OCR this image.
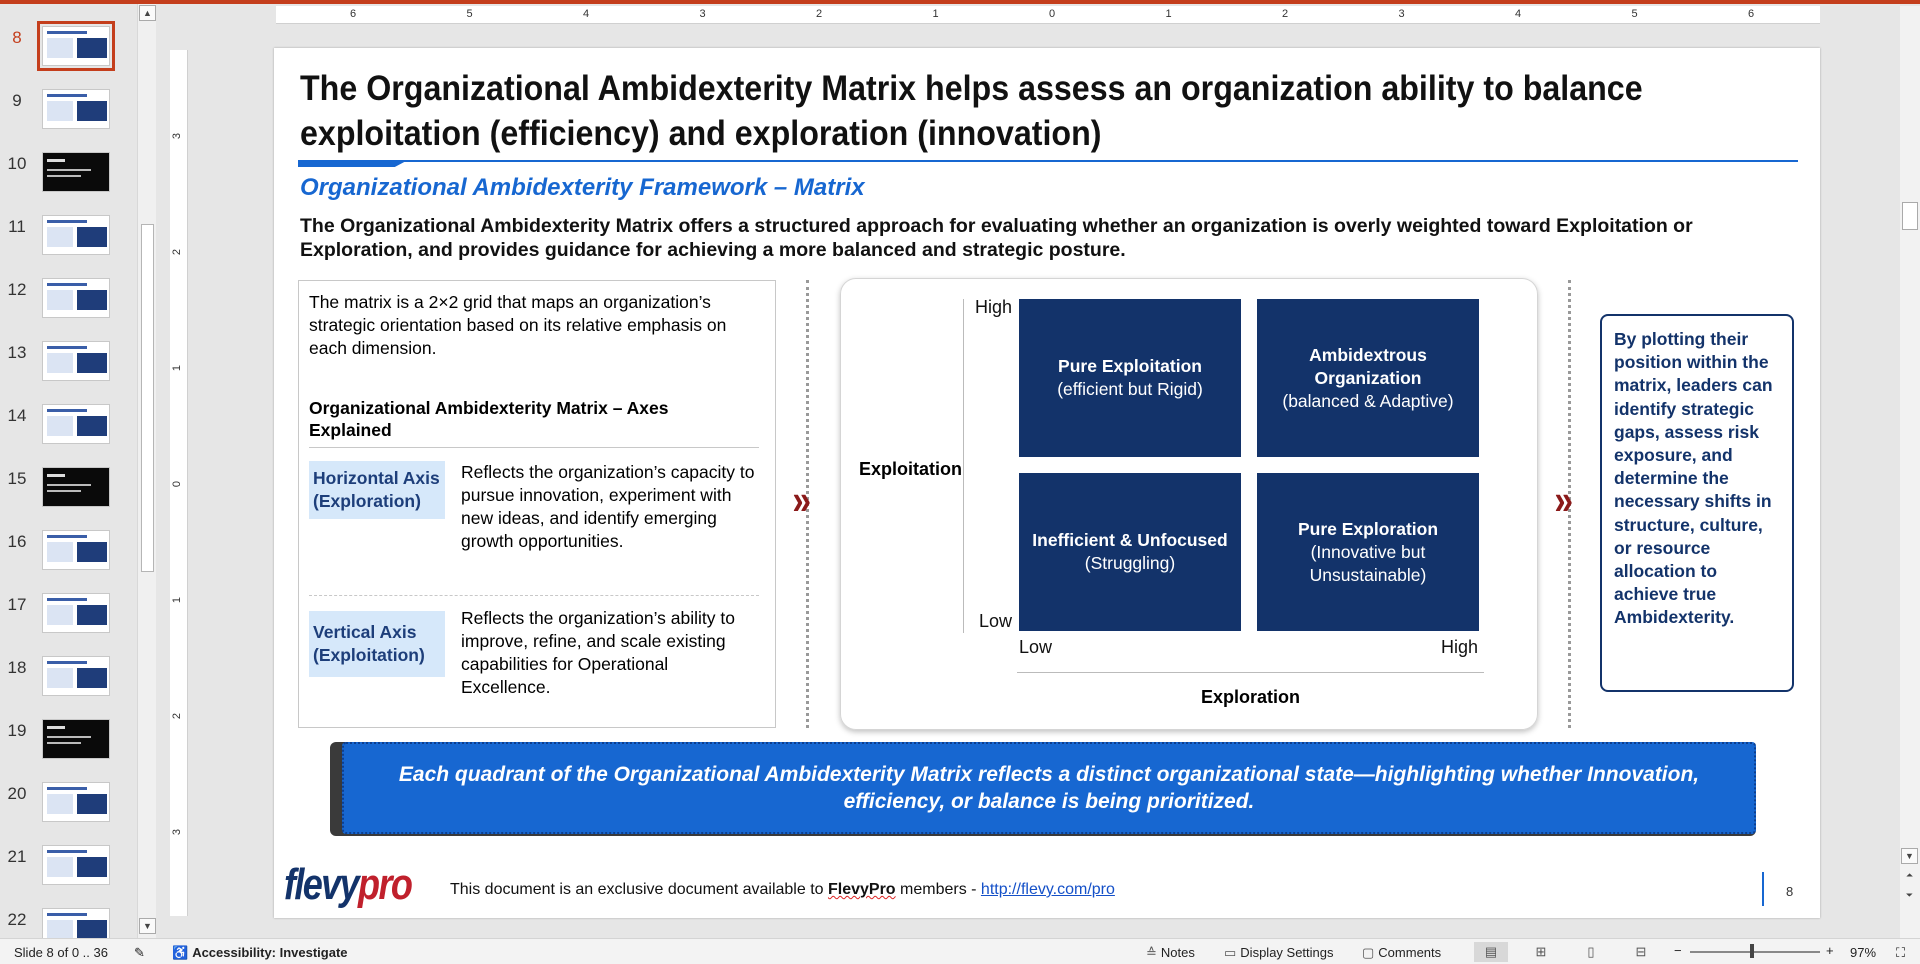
8
9
10
11
12
13
14
15
16
17
18
19
20
21
22
▲
▼
6	5	4	3	2	1	0	1	2	3	4	5	6
3
2
1
0
1
2
3
The Organizational Ambidexterity Matrix helps assess an organization ability to balance exploitation (efficiency) and exploration (innovation)
Organizational Ambidexterity Framework – Matrix
The Organizational Ambidexterity Matrix offers a structured approach for evaluating whether an organization is overly weighted toward Exploitation or Exploration, and provides guidance for achieving a more balanced and strategic posture.
The matrix is a 2×2 grid that maps an organization’s strategic orientation based on its relative emphasis on each dimension.
Organizational Ambidexterity Matrix – Axes Explained
Horizontal Axis (Exploration)
Reflects the organization’s capacity to pursue innovation, experiment with new ideas, and identify emerging growth opportunities.
Vertical Axis (Exploitation)
Reflects the organization’s ability to improve, refine, and scale existing capabilities for Operational Excellence.
»
Exploitation
High
Low
Pure Exploitation
(efficient but Rigid)
Ambidextrous Organization
(balanced & Adaptive)
Inefficient & Unfocused (Struggling)
Pure Exploration
(Innovative but Unsustainable)
Low	High
Exploration
»
By plotting their position within the matrix, leaders can identify strategic gaps, assess risk exposure, and determine the necessary shifts in structure, culture, or resource allocation to achieve true Ambidexterity.
Each quadrant of the Organizational Ambidexterity Matrix reflects a distinct organizational state—highlighting whether Innovation, efficiency, or balance is being prioritized.
flevypro This document is an exclusive document available to FlevyPro members - http://flevy.com/pro	8
▼
⏶
⏷
Slide 8 of 0 .. 36 ✎ ♿ Accessibility: Investigate	≙ Notes ▭ Display Settings ▢ Comments	▤	⊞	▯	⊟	−	+ 97% ⛶
